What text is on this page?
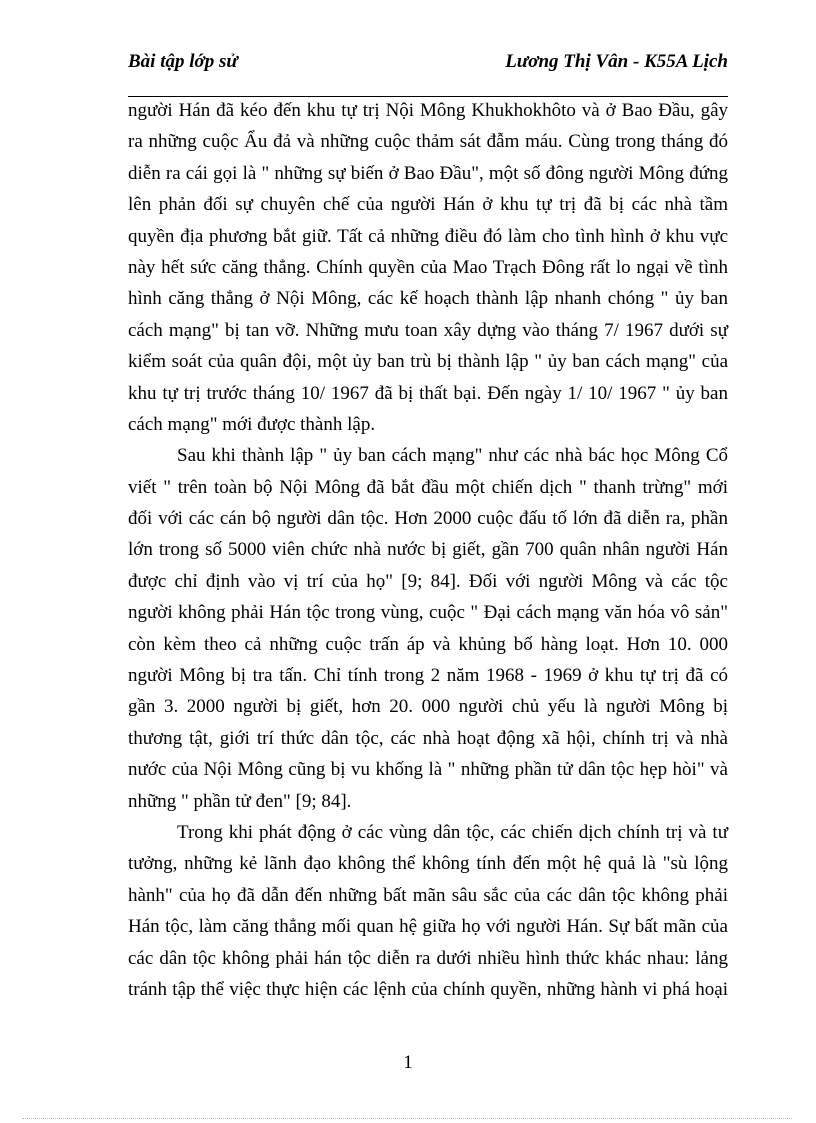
Bài tập lớp sử	Lương Thị Vân - K55A Lịch
người Hán đã kéo đến khu tự trị Nội Mông Khukhokhôto và ở Bao Đầu, gây
ra những cuộc Ẩu đả và những cuộc thảm sát đẫm máu. Cùng trong tháng đó
diễn ra cái gọi là " những sự biến ở Bao Đầu", một số đông người Mông đứng
lên phản đối sự chuyên chế của người Hán ở khu tự trị đã bị các nhà tầm
quyền địa phương bắt giữ. Tất cả những điều đó làm cho tình hình ở khu vực
này hết sức căng thẳng. Chính quyền của Mao Trạch Đông rất lo ngại về tình
hình căng thẳng ở Nội Mông, các kế hoạch thành lập nhanh chóng " ủy ban
cách mạng" bị tan vỡ. Những mưu toan xây dựng vào tháng 7/ 1967 dưới sự
kiểm soát của quân đội, một ủy ban trù bị thành lập " ủy ban cách mạng" của
khu tự trị trước tháng 10/ 1967 đã bị thất bại. Đến ngày 1/ 10/ 1967 " ủy ban
cách mạng" mới được thành lập.
Sau khi thành lập " ủy ban cách mạng" như các nhà bác học Mông Cổ
viết " trên toàn bộ Nội Mông đã bắt đầu một chiến dịch " thanh trừng" mới
đối với các cán bộ người dân tộc. Hơn 2000 cuộc đấu tố lớn đã diễn ra, phần
lớn trong số 5000 viên chức nhà nước bị giết, gần 700 quân nhân người Hán
được chỉ định vào vị trí của họ" [9; 84]. Đối với người Mông và các tộc
người không phải Hán tộc trong vùng, cuộc " Đại cách mạng văn hóa vô sản"
còn kèm theo cả những cuộc trấn áp và khủng bố hàng loạt. Hơn 10. 000
người Mông bị tra tấn. Chỉ tính trong 2 năm 1968 - 1969 ở khu tự trị đã có
gần 3. 2000 người bị giết, hơn 20. 000 người chủ yếu là người Mông bị
thương tật, giới trí thức dân tộc, các nhà hoạt động xã hội, chính trị và nhà
nước của Nội Mông cũng bị vu khống là " những phần tử dân tộc hẹp hòi" và
những " phần tử đen" [9; 84].
Trong khi phát động ở các vùng dân tộc, các chiến dịch chính trị và tư
tưởng, những kẻ lãnh đạo không thể không tính đến một hệ quả là "sù lộng
hành" của họ đã dẫn đến những bất mãn sâu sắc của các dân tộc không phải
Hán tộc, làm căng thẳng mối quan hệ giữa họ với người Hán. Sự bất mãn của
các dân tộc không phải hán tộc diễn ra dưới nhiều hình thức khác nhau: lảng
tránh tập thể việc thực hiện các lệnh của chính quyền, những hành vi phá hoại
1
